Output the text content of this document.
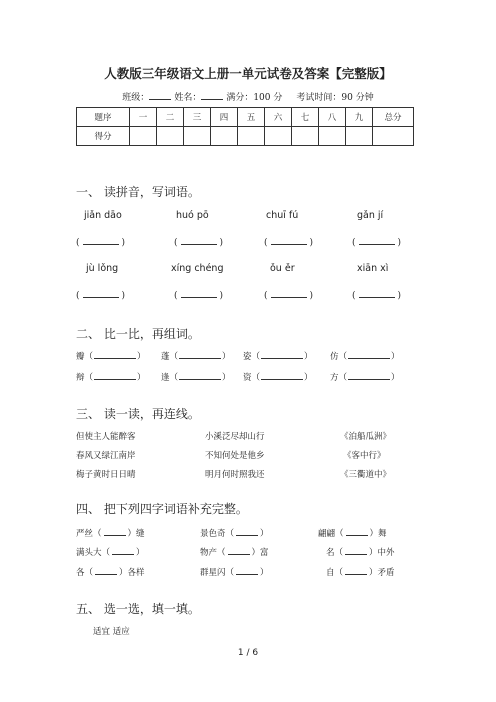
人教版三年级语文上册一单元试卷及答案【完整版】
班级：	姓名：	满分：100 分 考试时间：90 分钟
题序	一	二	三	四	五	六	七	八	九	总分
得分										
一、 读拼音，写词语。
jiǎn dāo	huó pō	chuī fú	gǎn jí
(	)	(	)	(	)	(	)
jù lǒng	xíng chéng	ǒu ěr	xiān xì
(	)	(	)	(	)	(	)
二、 比一比，再组词。
瓣（	） 蓬（	） 姿（	） 仿（	）
辩（	） 逢（	） 资（	） 方（	）
三、 读一读，再连线。
但使主人能醉客	小溪泛尽却山行	《泊船瓜洲》
春风又绿江南岸	不知何处是他乡	《客中行》
梅子黄时日日晴	明月何时照我还	《三衢道中》
四、 把下列四字词语补充完整。
严丝（	）缝	景色奇（	）	翩翩（	）舞
满头大（	）	物产（	）富	名（	）中外
各（	）各样	群星闪（	）	自（	）矛盾
五、 选一选，填一填。
适宜 适应
1 / 6
